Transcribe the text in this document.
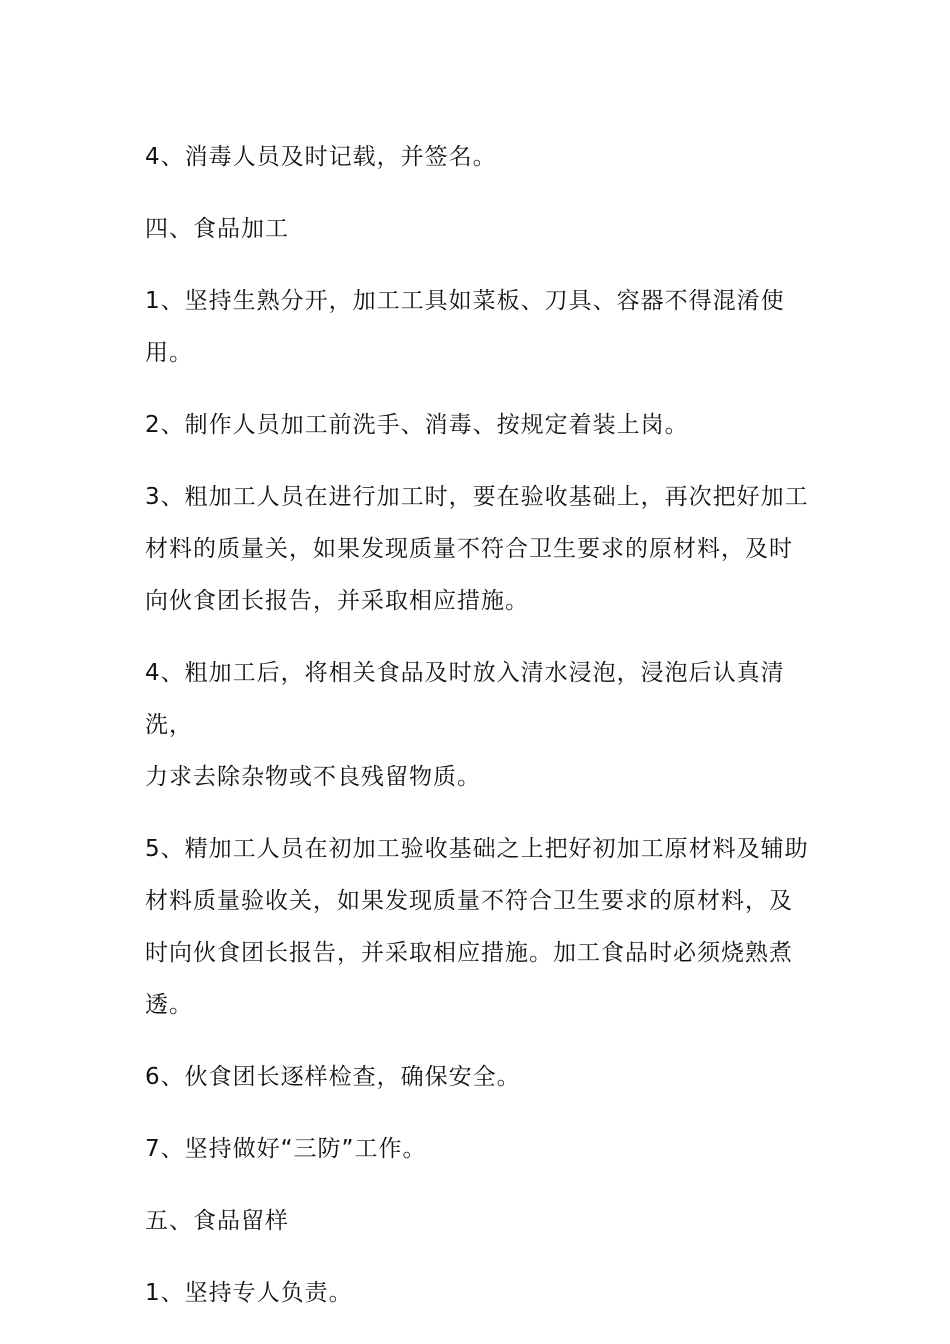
4、消毒人员及时记载，并签名。

四、食品加工

1、坚持生熟分开，加工工具如菜板、刀具、容器不得混淆使用。

2、制作人员加工前洗手、消毒、按规定着装上岗。

3、粗加工人员在进行加工时，要在验收基础上，再次把好加工
材料的质量关，如果发现质量不符合卫生要求的原材料，及时
向伙食团长报告，并采取相应措施。

4、粗加工后，将相关食品及时放入清水浸泡，浸泡后认真清洗，
力求去除杂物或不良残留物质。

5、精加工人员在初加工验收基础之上把好初加工原材料及辅助
材料质量验收关，如果发现质量不符合卫生要求的原材料，及
时向伙食团长报告，并采取相应措施。加工食品时必须烧熟煮
透。

6、伙食团长逐样检查，确保安全。

7、坚持做好“三防”工作。

五、食品留样

1、坚持专人负责。
